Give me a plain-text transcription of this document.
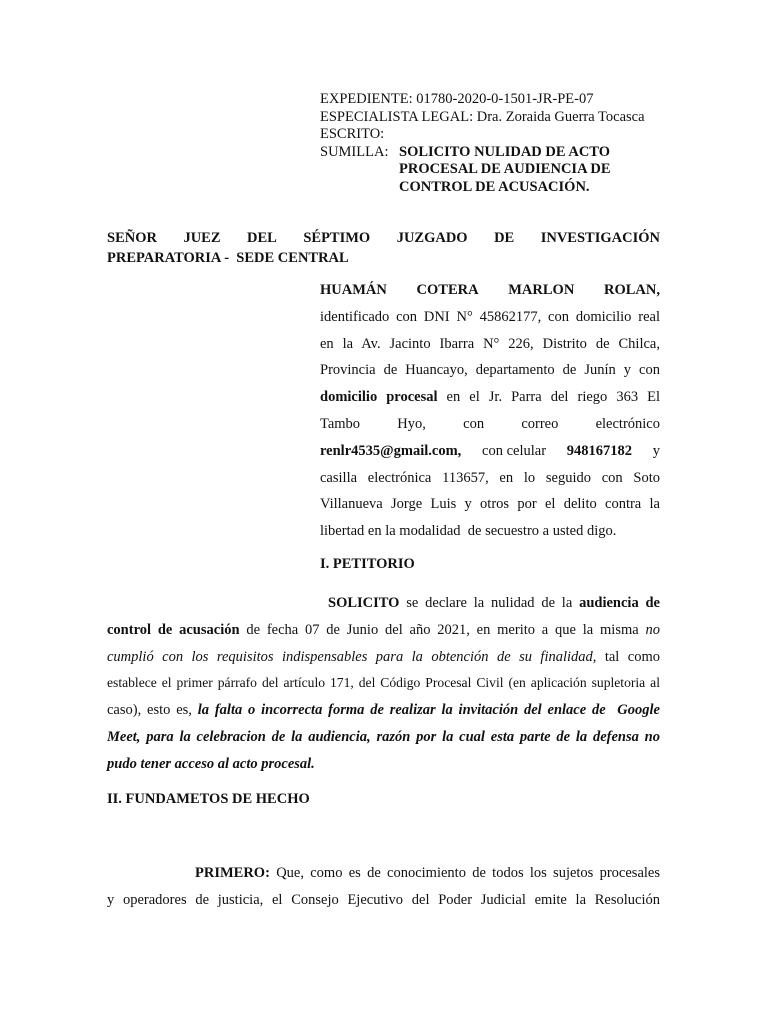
EXPEDIENTE: 01780-2020-0-1501-JR-PE-07
ESPECIALISTA LEGAL: Dra. Zoraida Guerra Tocasca
ESCRITO:
SUMILLA: SOLICITO NULIDAD DE ACTO
PROCESAL DE AUDIENCIA DE
CONTROL DE ACUSACIÓN.
SEÑOR JUEZ DEL SÉPTIMO JUZGADO DE INVESTIGACIÓN
PREPARATORIA -  SEDE CENTRAL
HUAMÁN COTERA MARLON ROLAN,
identificado con DNI N° 45862177, con domicilio real
en la Av. Jacinto Ibarra N° 226, Distrito de Chilca,
Provincia de Huancayo, departamento de Junín y con
domicilio procesal en el Jr. Parra del riego 363 El
Tambo	Hyo,	con	correo	electrónico
renlr4535@gmail.com, con celular 948167182 y
casilla electrónica 113657, en lo seguido con Soto
Villanueva Jorge Luis y otros por el delito contra la
libertad en la modalidad  de secuestro a usted digo.
I. PETITORIO
SOLICITO se declare la nulidad de la audiencia de
control de acusación de fecha 07 de Junio del año 2021, en merito a que la misma no
cumplió con los requisitos indispensables para la obtención de su finalidad, tal como
establece el primer párrafo del artículo 171, del Código Procesal Civil (en aplicación supletoria al
caso), esto es, la falta o incorrecta forma de realizar la invitación del enlace de  Google
Meet, para la celebracion de la audiencia, razón por la cual esta parte de la defensa no
pudo tener acceso al acto procesal.
II. FUNDAMETOS DE HECHO
PRIMERO: Que, como es de conocimiento de todos los sujetos procesales
y operadores de justicia, el Consejo Ejecutivo del Poder Judicial emite la Resolución
